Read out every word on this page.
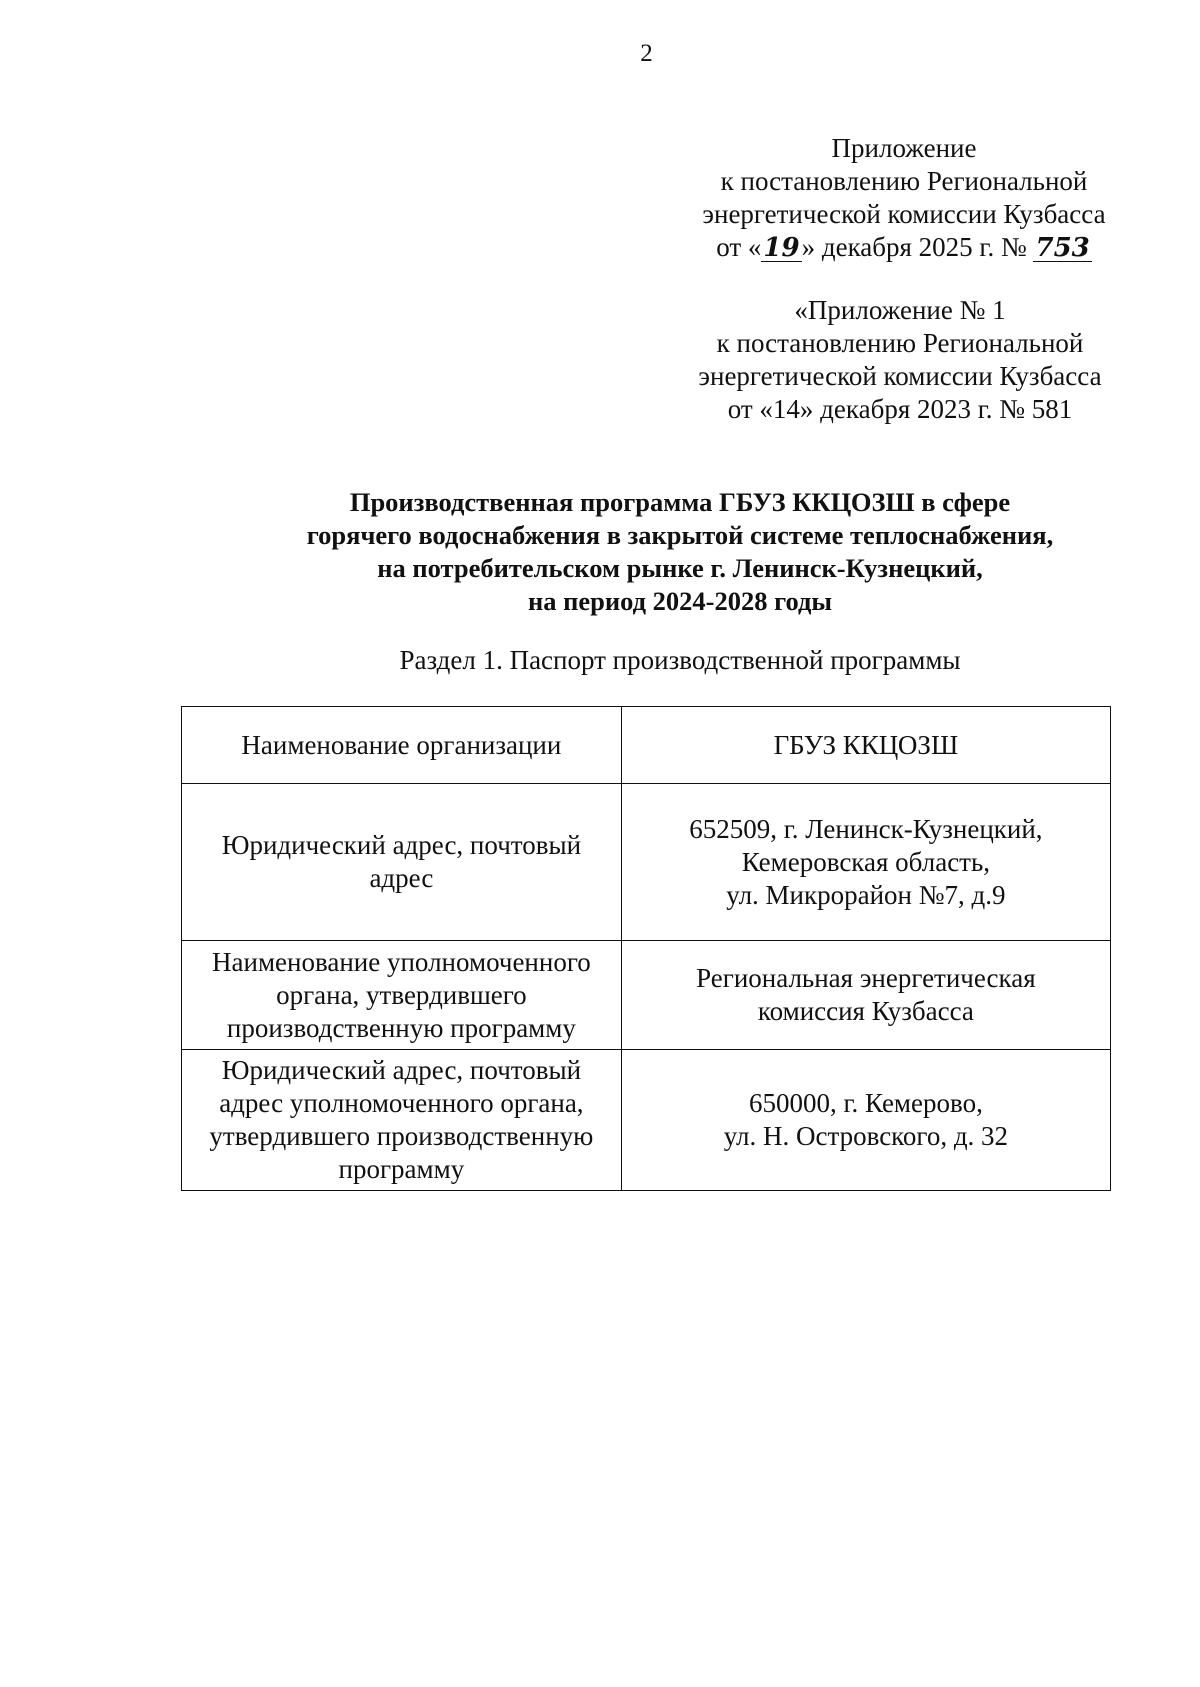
2
Приложение
к постановлению Региональной
энергетической комиссии Кузбасса
от «19» декабря 2025 г. № 753
«Приложение № 1
к постановлению Региональной
энергетической комиссии Кузбасса
от «14» декабря 2023 г. № 581
Производственная программа ГБУЗ ККЦОЗШ в сфере
горячего водоснабжения в закрытой системе теплоснабжения,
на потребительском рынке г. Ленинск-Кузнецкий,
на период 2024-2028 годы
Раздел 1. Паспорт производственной программы
Наименование организации	ГБУЗ ККЦОЗШ

Юридический адрес, почтовый
адрес	652509, г. Ленинск-Кузнецкий,
Кемеровская область,
ул. Микрорайон №7, д.9

Наименование уполномоченного
органа, утвердившего
производственную программу	Региональная энергетическая
комиссия Кузбасса

Юридический адрес, почтовый
адрес уполномоченного органа,
утвердившего производственную
программу	650000, г. Кемерово,
ул. Н. Островского, д. 32
